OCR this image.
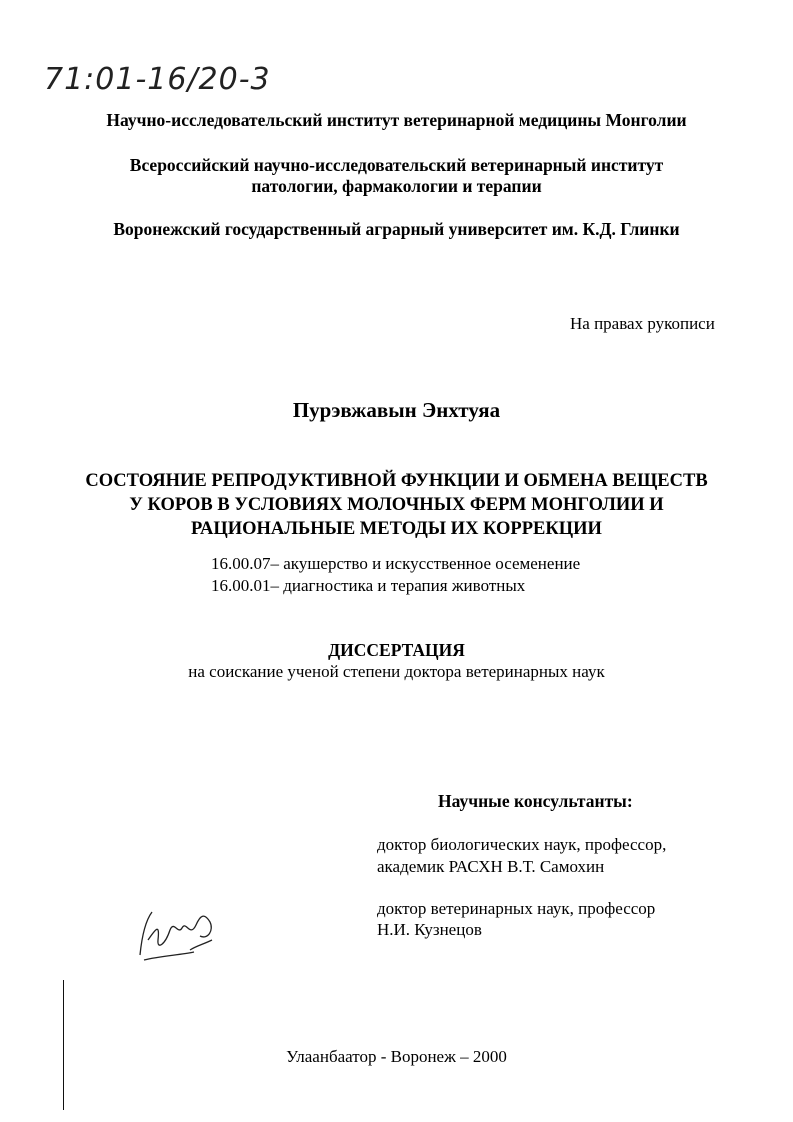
71:01-16/20-3
Научно-исследовательский институт ветеринарной медицины Монголии
Всероссийский научно-исследовательский ветеринарный институт
патологии, фармакологии и терапии
Воронежский государственный аграрный университет им. К.Д. Глинки
На правах рукописи
Пурэвжавын Энхтуяа
СОСТОЯНИЕ РЕПРОДУКТИВНОЙ ФУНКЦИИ И ОБМЕНА ВЕЩЕСТВ
У КОРОВ В УСЛОВИЯХ МОЛОЧНЫХ ФЕРМ МОНГОЛИИ И
РАЦИОНАЛЬНЫЕ МЕТОДЫ ИХ КОРРЕКЦИИ
16.00.07– акушерство и искусственное осеменение
16.00.01– диагностика и терапия животных
ДИССЕРТАЦИЯ
на соискание ученой степени доктора ветеринарных наук
Научные консультанты:
доктор биологических наук, профессор,
академик РАСХН В.Т. Самохин
доктор ветеринарных наук, профессор
Н.И. Кузнецов
Улаанбаатор - Воронеж – 2000
